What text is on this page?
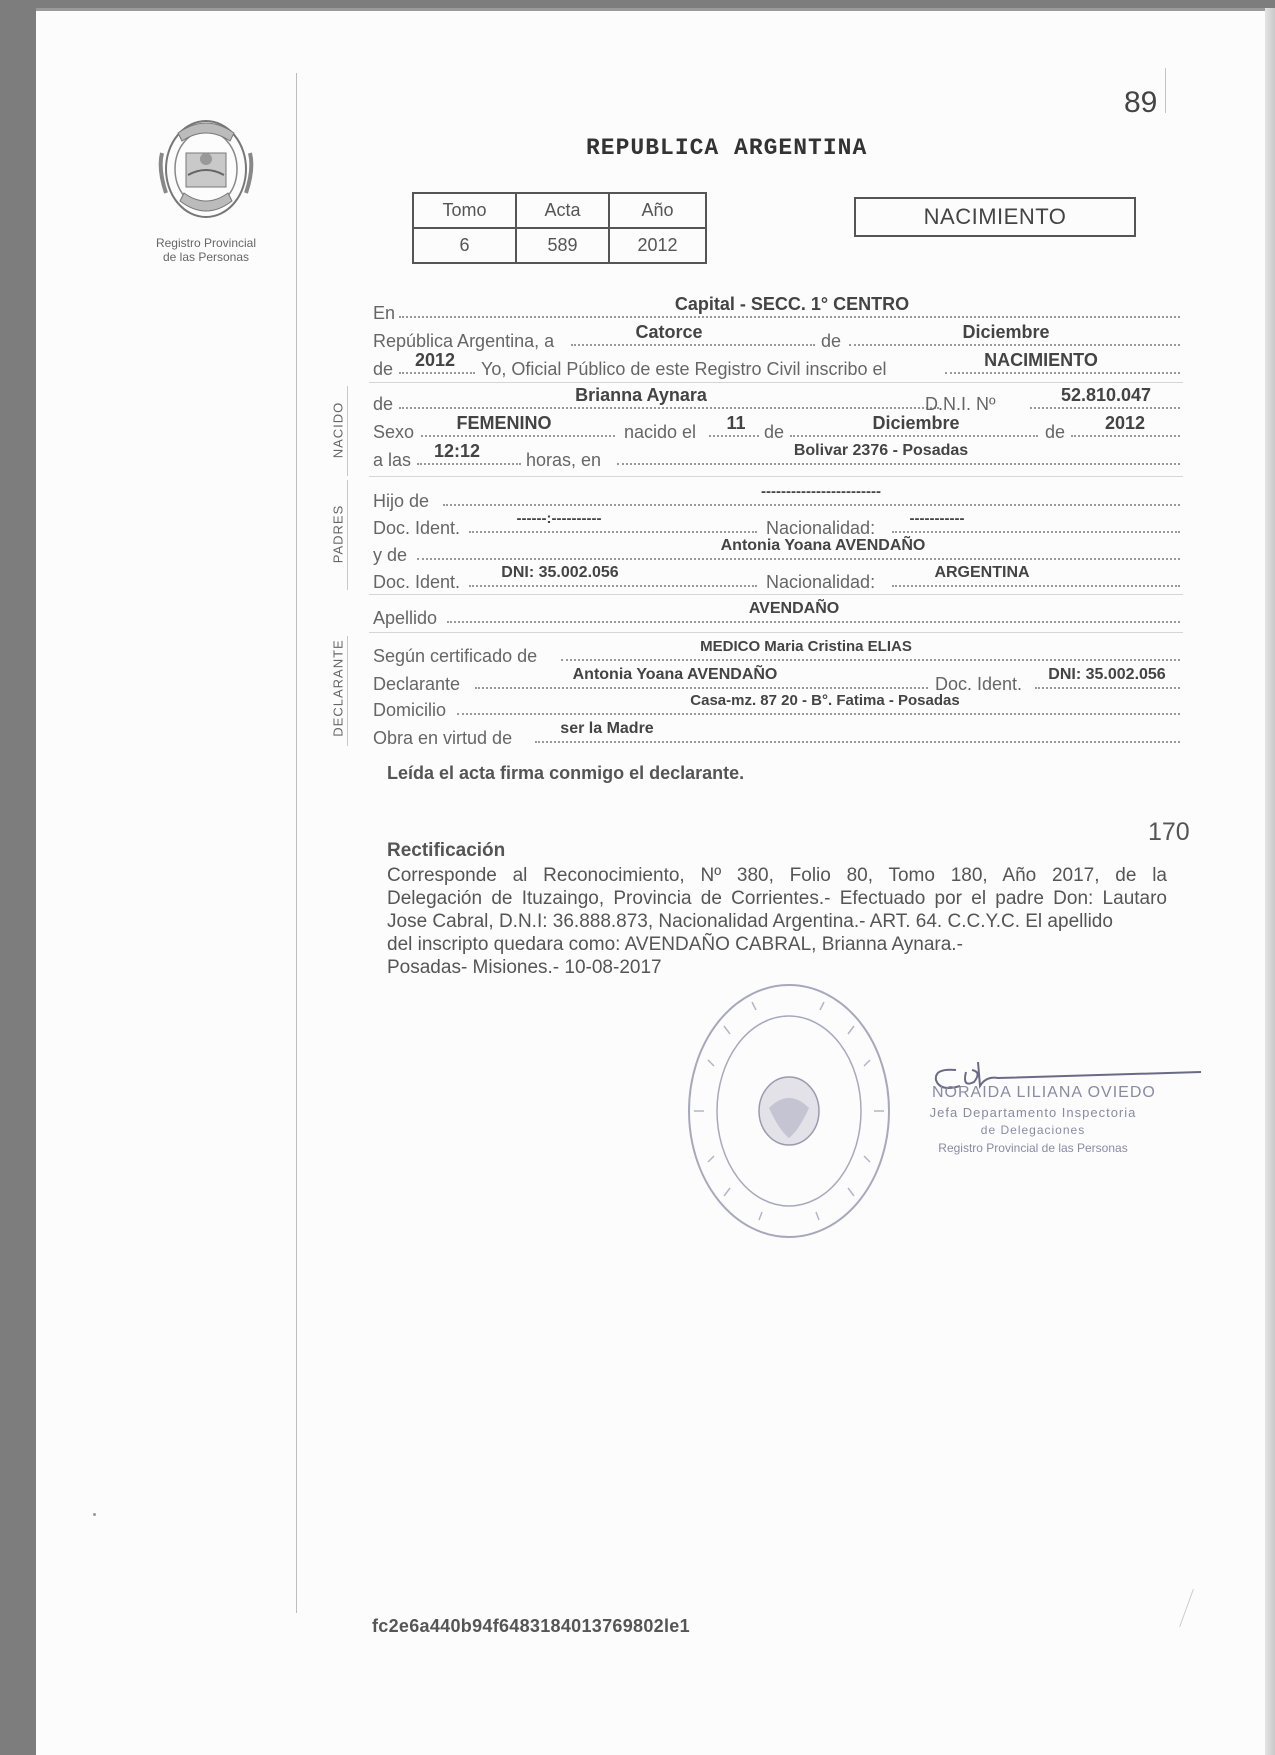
Registro Provincial
de las Personas
89
REPUBLICA ARGENTINA
Tomo	Acta	Año
6	589	2012
NACIMIENTO
En	Capital - SECC. 1° CENTRO
República Argentina, a	Catorce	de	Diciembre
de 2012 Yo, Oficial Público de este Registro Civil inscribo el	NACIMIENTO
NACIDO de	Brianna Aynara	D.N.I. Nº	52.810.047
Sexo FEMENINO	nacido el 11 de	Diciembre	de 2012
a las 12:12	horas, en	Bolivar 2376 - Posadas
PADRES
Hijo de	------------------------
Doc. Ident.	------:----------	Nacionalidad: -----------
y de	Antonia Yoana AVENDAÑO
Doc. Ident.	DNI: 35.002.056	Nacionalidad:	ARGENTINA
Apellido	AVENDAÑO
DECLARANTE Según certificado de	MEDICO Maria Cristina ELIAS
Declarante	Antonia Yoana AVENDAÑO	Doc. Ident. DNI: 35.002.056
Domicilio	Casa-mz. 87 20 - B°. Fatima - Posadas
Obra en virtud de	ser la Madre
Leída el acta firma conmigo el declarante.
170
Rectificación
Corresponde al Reconocimiento, Nº 380, Folio 80, Tomo 180, Año 2017, de la
Delegación de Ituzaingo, Provincia de Corrientes.- Efectuado por el padre Don: Lautaro
Jose Cabral, D.N.I: 36.888.873, Nacionalidad Argentina.- ART. 64. C.C.Y.C. El apellido
del inscripto quedara como: AVENDAÑO CABRAL, Brianna Aynara.-
Posadas- Misiones.- 10-08-2017
NORAIDA LILIANA OVIEDO
Jefa Departamento Inspectoria
de Delegaciones
Registro Provincial de las Personas
fc2e6a440b94f6483184013769802le1
